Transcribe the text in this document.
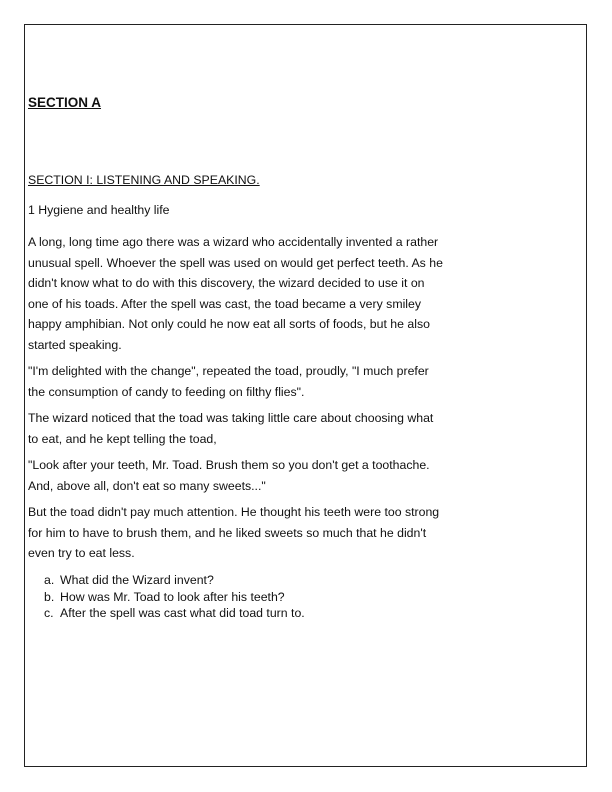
SECTION A
SECTION I: LISTENING AND SPEAKING.
1 Hygiene and healthy life
A long, long time ago there was a wizard who accidentally invented a rather
unusual spell. Whoever the spell was used on would get perfect teeth. As he
didn't know what to do with this discovery, the wizard decided to use it on
one of his toads. After the spell was cast, the toad became a very smiley
happy amphibian. Not only could he now eat all sorts of foods, but he also
started speaking.
"I'm delighted with the change", repeated the toad, proudly, "I much prefer
the consumption of candy to feeding on filthy flies".
The wizard noticed that the toad was taking little care about choosing what
to eat, and he kept telling the toad,
"Look after your teeth, Mr. Toad. Brush them so you don't get a toothache.
And, above all, don't eat so many sweets..."
But the toad didn't pay much attention. He thought his teeth were too strong
for him to have to brush them, and he liked sweets so much that he didn't
even try to eat less.
a. What did the Wizard invent?
b. How was Mr. Toad to look after his teeth?
c. After the spell was cast what did toad turn to.
